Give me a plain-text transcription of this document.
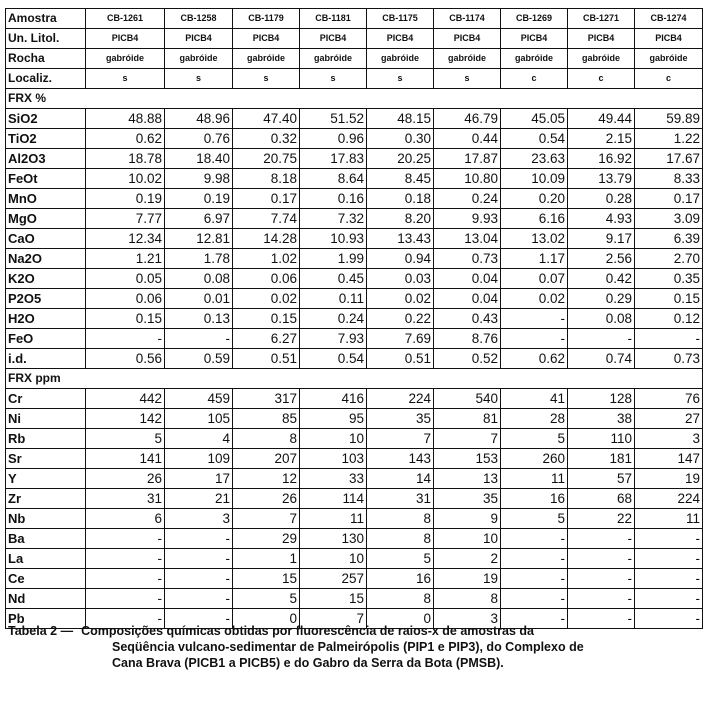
Amostra	CB-1261	CB-1258	CB-1179	CB-1181	CB-1175	CB-1174	CB-1269	CB-1271	CB-1274
Un. Litol.	PICB4	PICB4	PICB4	PICB4	PICB4	PICB4	PICB4	PICB4	PICB4
Rocha	gabróide	gabróide	gabróide	gabróide	gabróide	gabróide	gabróide	gabróide	gabróide
Localiz.	s	s	s	s	s	s	c	c	c
FRX %									
SiO2	48.88	48.96	47.40	51.52	48.15	46.79	45.05	49.44	59.89
TiO2	0.62	0.76	0.32	0.96	0.30	0.44	0.54	2.15	1.22
Al2O3	18.78	18.40	20.75	17.83	20.25	17.87	23.63	16.92	17.67
FeOt	10.02	9.98	8.18	8.64	8.45	10.80	10.09	13.79	8.33
MnO	0.19	0.19	0.17	0.16	0.18	0.24	0.20	0.28	0.17
MgO	7.77	6.97	7.74	7.32	8.20	9.93	6.16	4.93	3.09
CaO	12.34	12.81	14.28	10.93	13.43	13.04	13.02	9.17	6.39
Na2O	1.21	1.78	1.02	1.99	0.94	0.73	1.17	2.56	2.70
K2O	0.05	0.08	0.06	0.45	0.03	0.04	0.07	0.42	0.35
P2O5	0.06	0.01	0.02	0.11	0.02	0.04	0.02	0.29	0.15
H2O	0.15	0.13	0.15	0.24	0.22	0.43	-	0.08	0.12
FeO	-	-	6.27	7.93	7.69	8.76	-	-	-
i.d.	0.56	0.59	0.51	0.54	0.51	0.52	0.62	0.74	0.73
FRX ppm									
Cr	442	459	317	416	224	540	41	128	76
Ni	142	105	85	95	35	81	28	38	27
Rb	5	4	8	10	7	7	5	110	3
Sr	141	109	207	103	143	153	260	181	147
Y	26	17	12	33	14	13	11	57	19
Zr	31	21	26	114	31	35	16	68	224
Nb	6	3	7	11	8	9	5	22	11
Ba	-	-	29	130	8	10	-	-	-
La	-	-	1	10	5	2	-	-	-
Ce	-	-	15	257	16	19	-	-	-
Nd	-	-	5	15	8	8	-	-	-
Pb	-	-	0	7	0	3	-	-	-
Tabela 2 — Composições químicas obtidas por fluorescência de raios-x de amostras da
Seqüência vulcano-sedimentar de Palmeirópolis (PIP1 e PIP3), do Complexo de
Cana Brava (PICB1 a PICB5) e do Gabro da Serra da Bota (PMSB).
